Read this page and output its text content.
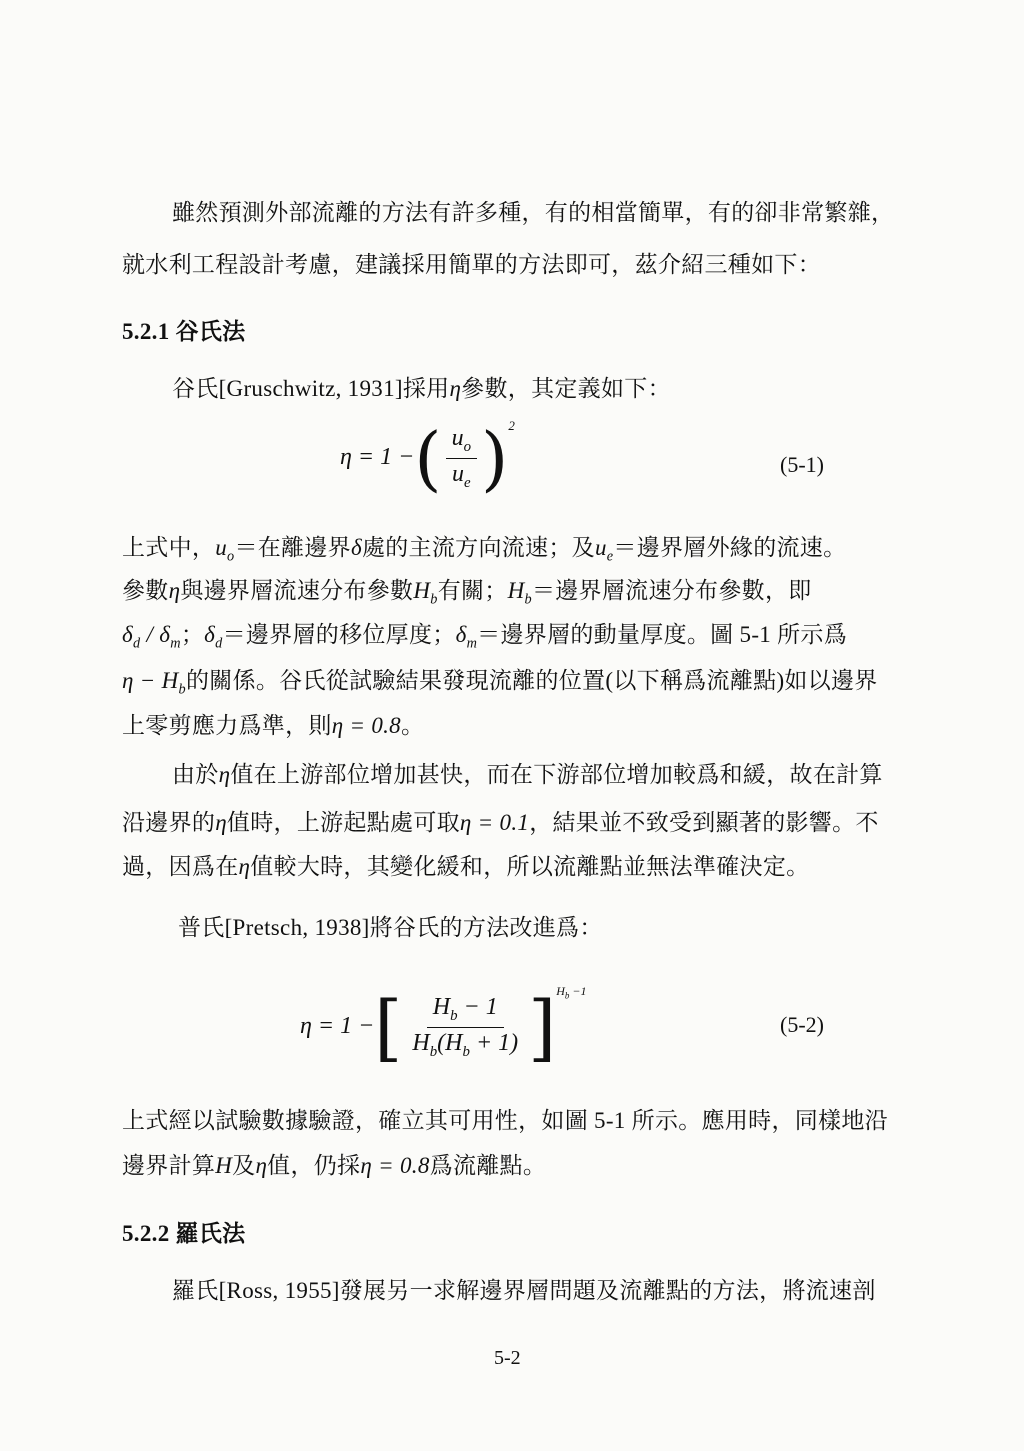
雖然預測外部流離的方法有許多種，有的相當簡單，有的卻非常繁雜，
就水利工程設計考慮，建議採用簡單的方法即可，茲介紹三種如下：
5.2.1 谷氏法
谷氏[Gruschwitz, 1931]採用η參數，其定義如下：
η = 1 −( $\frac{u_o}{u_e} )^2$
(5-1)
上式中，$u_o=$在離邊界δ處的主流方向流速；及$u_e=$邊界層外緣的流速。
參數η與邊界層流速分布參數$H_b$有關；$H_b=$邊界層流速分布參數，即
$\delta_d / \delta_m$；$\delta_d=$邊界層的移位厚度；$\delta_m=$邊界層的動量厚度。圖 5-1 所示爲
$\eta - H_b$的關係。谷氏從試驗結果發現流離的位置(以下稱爲流離點)如以邊界
上零剪應力爲準，則η = 0.8。
由於η值在上游部位增加甚快，而在下游部位增加較爲和緩，故在計算
沿邊界的η值時，上游起點處可取η = 0.1，結果並不致受到顯著的影響。不
過，因爲在η值較大時，其變化緩和，所以流離點並無法準確決定。
普氏[Pretsch, 1938]將谷氏的方法改進爲：
η = 1 −[ $\frac{H_b - 1}{H_b(H_b + 1)} ]^{H_b -1}$
(5-2)
上式經以試驗數據驗證，確立其可用性，如圖 5-1 所示。應用時，同樣地沿
邊界計算H及η值，仍採η = 0.8爲流離點。
5.2.2 羅氏法
羅氏[Ross, 1955]發展另一求解邊界層問題及流離點的方法，將流速剖
5-2
